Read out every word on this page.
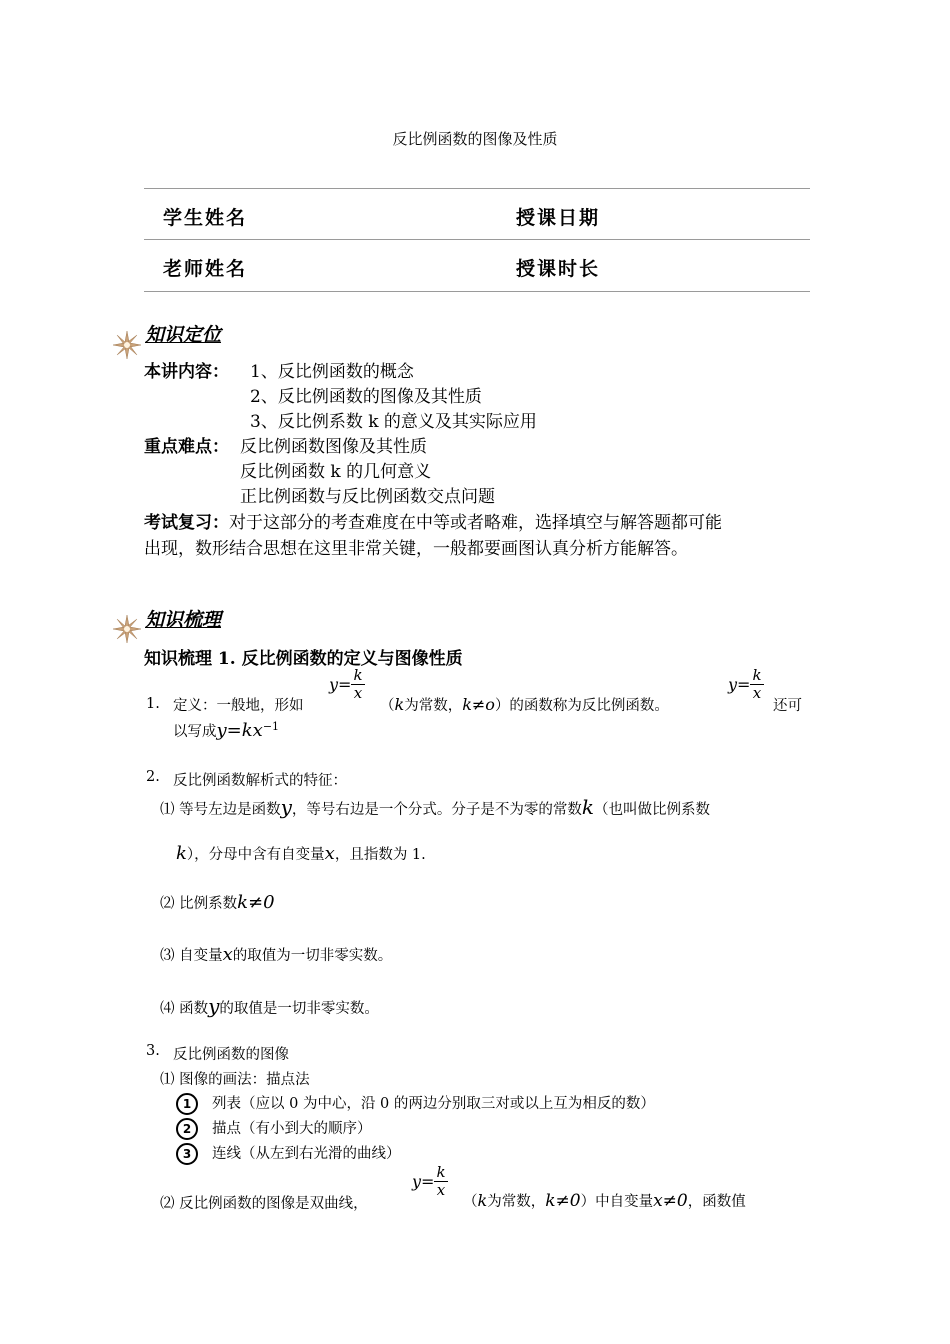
反比例函数的图像及性质
学生姓名	授课日期
老师姓名	授课时长
知识定位
本讲内容： 1、反比例函数的概念
2、反比例函数的图像及其性质
3、反比例系数 k 的意义及其实际应用
重点难点： 反比例函数图像及其性质
反比例函数 k 的几何意义
正比例函数与反比例函数交点问题
考试复习：对于这部分的考查难度在中等或者略难，选择填空与解答题都可能
出现，数形结合思想在这里非常关键，一般都要画图认真分析方能解答。
知识梳理
知识梳理 1. 反比例函数的定义与图像性质
1. 定义：一般地，形如
$y= \frac{k}{x}$
（k为常数，k≠o）的函数称为反比例函数。
$y= \frac{k}{x}$
还可
以写成$y=kx^{-1}$
2. 反比例函数解析式的特征：
⑴ 等号左边是函数y，等号右边是一个分式。分子是不为零的常数k（也叫做比例系数
k），分母中含有自变量x，且指数为 1.
⑵ 比例系数k≠0
⑶ 自变量x的取值为一切非零实数。
⑷ 函数y的取值是一切非零实数。
3. 反比例函数的图像
⑴ 图像的画法：描点法
1 列表（应以 0 为中心，沿 0 的两边分别取三对或以上互为相反的数）
2 描点（有小到大的顺序）
3 连线（从左到右光滑的曲线）
⑵ 反比例函数的图像是双曲线，
$y= \frac{k}{x}$
（k为常数，k≠0）中自变量x≠0，函数值
